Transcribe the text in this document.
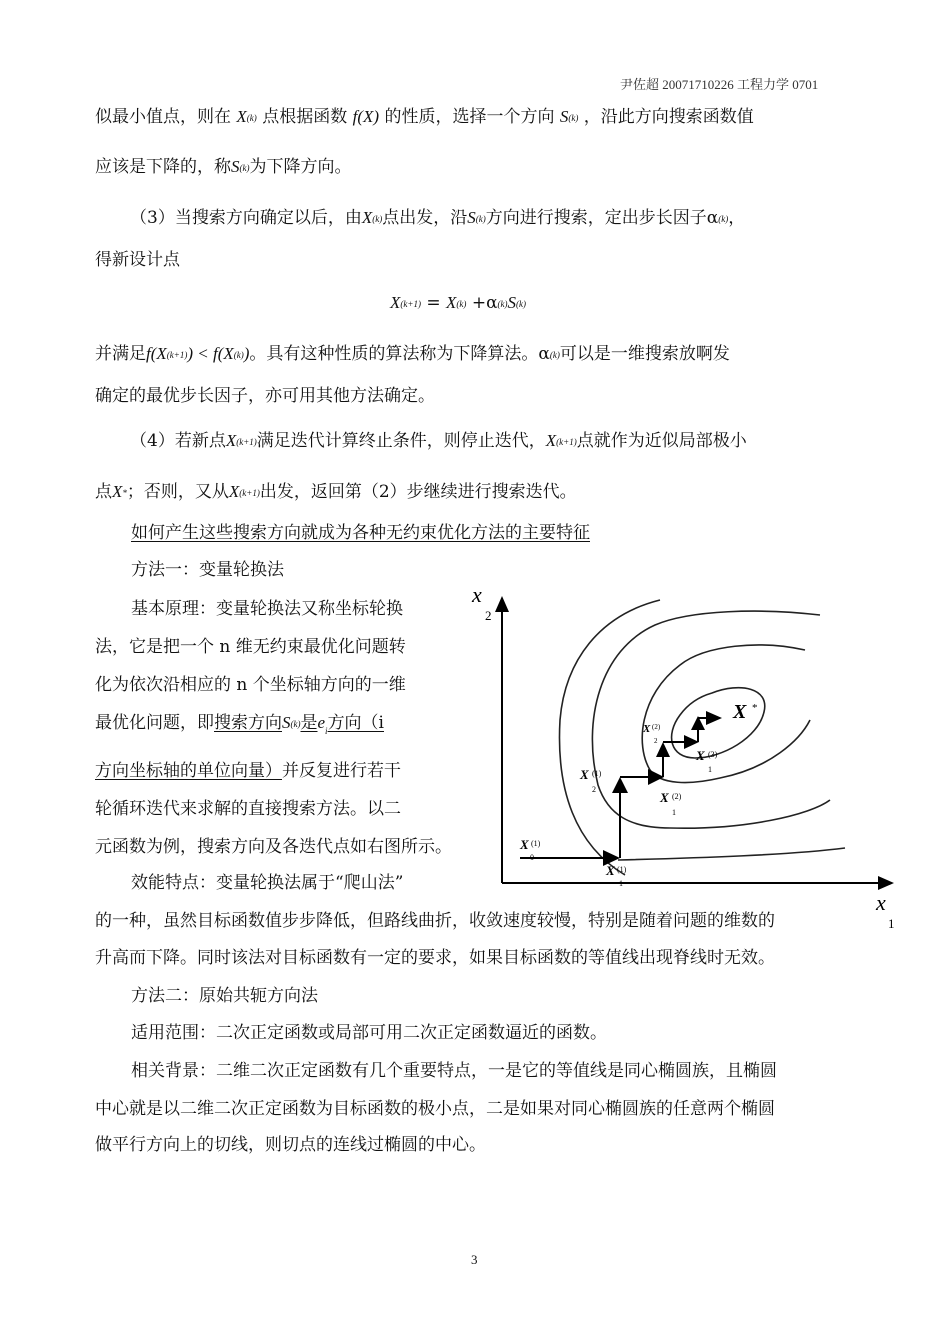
尹佐超 20071710226 工程力学 0701
似最小值点，则在 X(k) 点根据函数 f(X) 的性质，选择一个方向 S(k) ，沿此方向搜索函数值
应该是下降的，称S(k)为下降方向。
（3）当搜索方向确定以后，由X(k)点出发，沿S(k)方向进行搜索，定出步长因子α(k)，
得新设计点
X(k+1) = X(k) +α(k)S(k)
并满足f(X(k+1)) < f(X(k))。具有这种性质的算法称为下降算法。α(k)可以是一维搜索放啊发
确定的最优步长因子，亦可用其他方法确定。
（4）若新点X(k+1)满足迭代计算终止条件，则停止迭代，X(k+1)点就作为近似局部极小
点X*；否则，又从X(k+1)出发，返回第（2）步继续进行搜索迭代。
如何产生这些搜索方向就成为各种无约束优化方法的主要特征
方法一：变量轮换法
基本原理：变量轮换法又称坐标轮换
法，它是把一个 n 维无约束最优化问题转
化为依次沿相应的 n 个坐标轴方向的一维
最优化问题，即搜索方向S(k)是$e_i$方向（i
方向坐标轴的单位向量）并反复进行若干
轮循环迭代来求解的直接搜索方法。以二
元函数为例，搜索方向及各迭代点如右图所示。
效能特点：变量轮换法属于“爬山法”
的一种，虽然目标函数值步步降低，但路线曲折，收敛速度较慢，特别是随着问题的维数的
升高而下降。同时该法对目标函数有一定的要求，如果目标函数的等值线出现脊线时无效。
方法二：原始共轭方向法
适用范围：二次正定函数或局部可用二次正定函数逼近的函数。
相关背景：二维二次正定函数有几个重要特点，一是它的等值线是同心椭圆族，且椭圆
中心就是以二维二次正定函数为目标函数的极小点，二是如果对同心椭圆族的任意两个椭圆
做平行方向上的切线，则切点的连线过椭圆的中心。
x
2
x
1
X *
X (1)
0
X (1)
1
X (1)
2
X (2)
1
X (2)
2
X (3)
1
3
